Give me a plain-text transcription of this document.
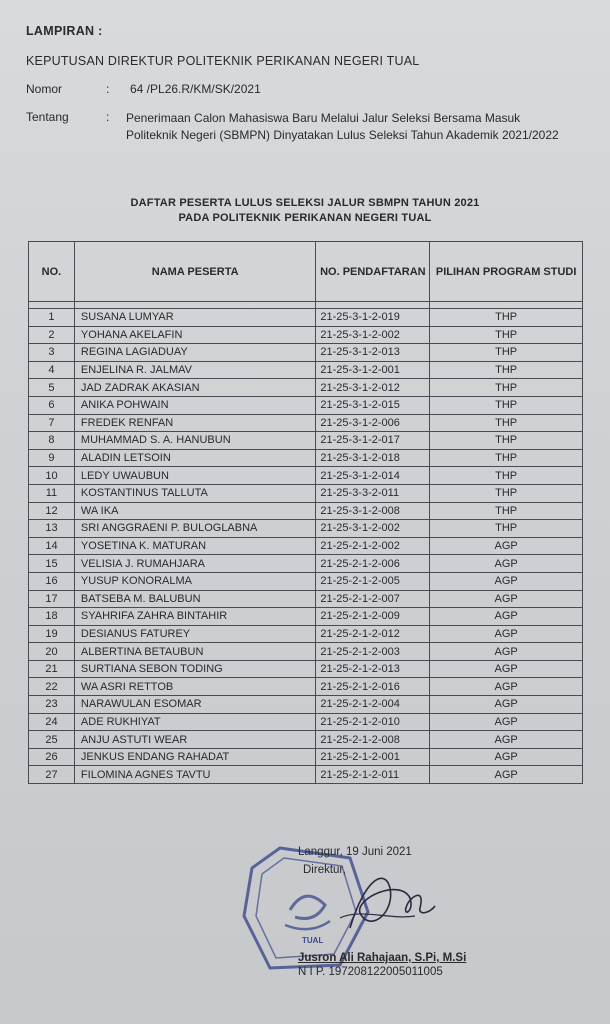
LAMPIRAN :
KEPUTUSAN DIREKTUR POLITEKNIK PERIKANAN NEGERI TUAL
Nomor	: 64 /PL26.R/KM/SK/2021
Tentang	: Penerimaan Calon Mahasiswa Baru Melalui Jalur Seleksi Bersama Masuk Politeknik Negeri (SBMPN) Dinyatakan Lulus Seleksi Tahun Akademik 2021/2022
DAFTAR PESERTA LULUS SELEKSI JALUR SBMPN TAHUN 2021
PADA POLITEKNIK PERIKANAN NEGERI TUAL
NO.	NAMA PESERTA	NO. PENDAFTARAN	PILIHAN PROGRAM STUDI

1	SUSANA LUMYAR	21-25-3-1-2-019	THP
2	YOHANA AKELAFIN	21-25-3-1-2-002	THP
3	REGINA LAGIADUAY	21-25-3-1-2-013	THP
4	ENJELINA R. JALMAV	21-25-3-1-2-001	THP
5	JAD ZADRAK AKASIAN	21-25-3-1-2-012	THP
6	ANIKA POHWAIN	21-25-3-1-2-015	THP
7	FREDEK RENFAN	21-25-3-1-2-006	THP
8	MUHAMMAD S. A. HANUBUN	21-25-3-1-2-017	THP
9	ALADIN LETSOIN	21-25-3-1-2-018	THP
10	LEDY UWAUBUN	21-25-3-1-2-014	THP
11	KOSTANTINUS TALLUTA	21-25-3-3-2-011	THP
12	WA IKA	21-25-3-1-2-008	THP
13	SRI ANGGRAENI P. BULOGLABNA	21-25-3-1-2-002	THP
14	YOSETINA K. MATURAN	21-25-2-1-2-002	AGP
15	VELISIA J. RUMAHJARA	21-25-2-1-2-006	AGP
16	YUSUP KONORALMA	21-25-2-1-2-005	AGP
17	BATSEBA M. BALUBUN	21-25-2-1-2-007	AGP
18	SYAHRIFA ZAHRA BINTAHIR	21-25-2-1-2-009	AGP
19	DESIANUS FATUREY	21-25-2-1-2-012	AGP
20	ALBERTINA BETAUBUN	21-25-2-1-2-003	AGP
21	SURTIANA SEBON TODING	21-25-2-1-2-013	AGP
22	WA ASRI RETTOB	21-25-2-1-2-016	AGP
23	NARAWULAN ESOMAR	21-25-2-1-2-004	AGP
24	ADE RUKHIYAT	21-25-2-1-2-010	AGP
25	ANJU ASTUTI WEAR	21-25-2-1-2-008	AGP
26	JENKUS ENDANG RAHADAT	21-25-2-1-2-001	AGP
27	FILOMINA AGNES TAVTU	21-25-2-1-2-011	AGP
TUAL
Langgur, 19 Juni 2021
Direktur,
Jusron Ali Rahajaan, S.Pi, M.Si
N I P. 197208122005011005
